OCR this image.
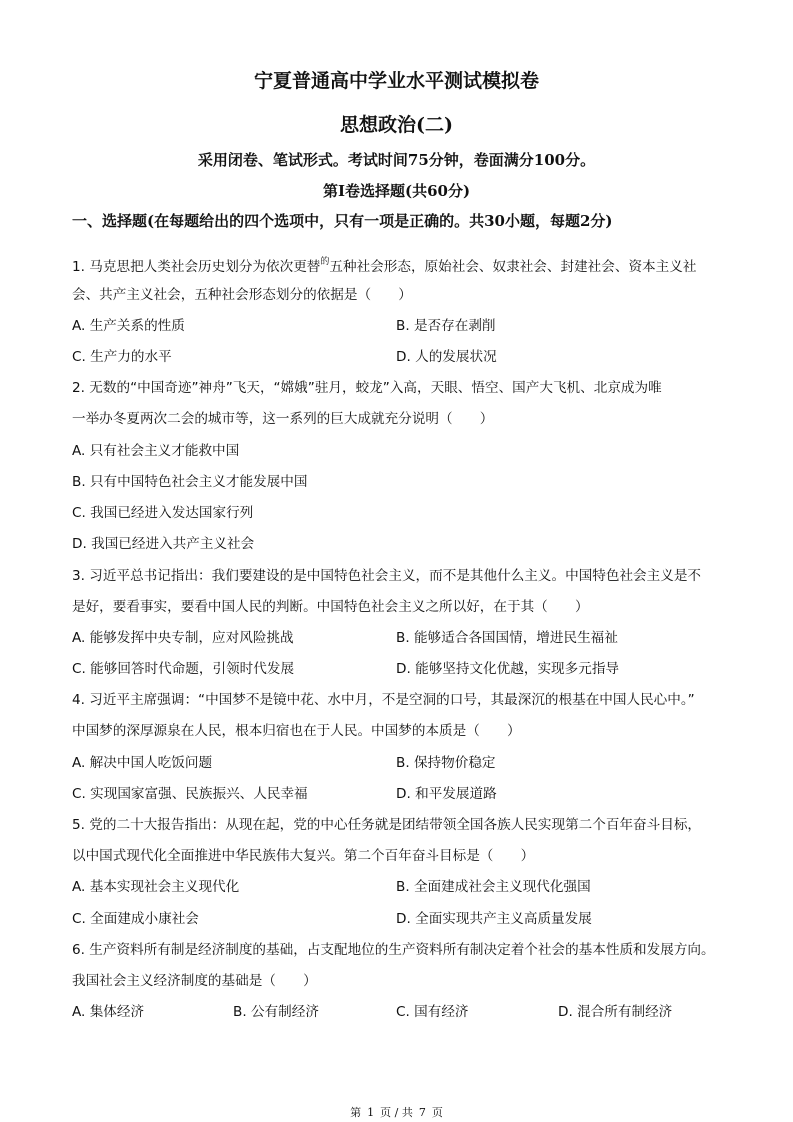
宁夏普通高中学业水平测试模拟卷
思想政治(二)
采用闭卷、笔试形式。考试时间75分钟，卷面满分100分。
第Ⅰ卷选择题(共60分)
一、选择题(在每题给出的四个选项中，只有一项是正确的。共30小题，每题2分)
1. 马克思把人类社会历史划分为依次更替$^的$五种社会形态，原始社会、奴隶社会、封建社会、资本主义社
会、共产主义社会，五种社会形态划分的依据是（　　）
A. 生产关系的性质	B. 是否存在剥削
C. 生产力的水平	D. 人的发展状况
2. 无数的“中国奇迹”神舟”飞天，“嫦娥”驻月，蛟龙”入高，天眼、悟空、国产大飞机、北京成为唯
一举办冬夏两次二会的城市等，这一系列的巨大成就充分说明（　　）
A. 只有社会主义才能救中国
B. 只有中国特色社会主义才能发展中国
C. 我国已经进入发达国家行列
D. 我国已经进入共产主义社会
3. 习近平总书记指出：我们要建设的是中国特色社会主义，而不是其他什么主义。中国特色社会主义是不
是好，要看事实，要看中国人民的判断。中国特色社会主义之所以好，在于其（　　）
A. 能够发挥中央专制，应对风险挑战	B. 能够适合各国国情，增进民生福祉
C. 能够回答时代命题，引领时代发展	D. 能够坚持文化优越，实现多元指导
4. 习近平主席强调：“中国梦不是镜中花、水中月，不是空洞的口号，其最深沉的根基在中国人民心中。”
中国梦的深厚源泉在人民，根本归宿也在于人民。中国梦的本质是（　　）
A. 解决中国人吃饭问题	B. 保持物价稳定
C. 实现国家富强、民族振兴、人民幸福	D. 和平发展道路
5. 党的二十大报告指出：从现在起，党的中心任务就是团结带领全国各族人民实现第二个百年奋斗目标，
以中国式现代化全面推进中华民族伟大复兴。第二个百年奋斗目标是（　　）
A. 基本实现社会主义现代化	B. 全面建成社会主义现代化强国
C. 全面建成小康社会	D. 全面实现共产主义高质量发展
6. 生产资料所有制是经济制度的基础，占支配地位的生产资料所有制决定着个社会的基本性质和发展方向。
我国社会主义经济制度的基础是（　　）
A. 集体经济	B. 公有制经济	C. 国有经济	D. 混合所有制经济
第 1 页 / 共 7 页
